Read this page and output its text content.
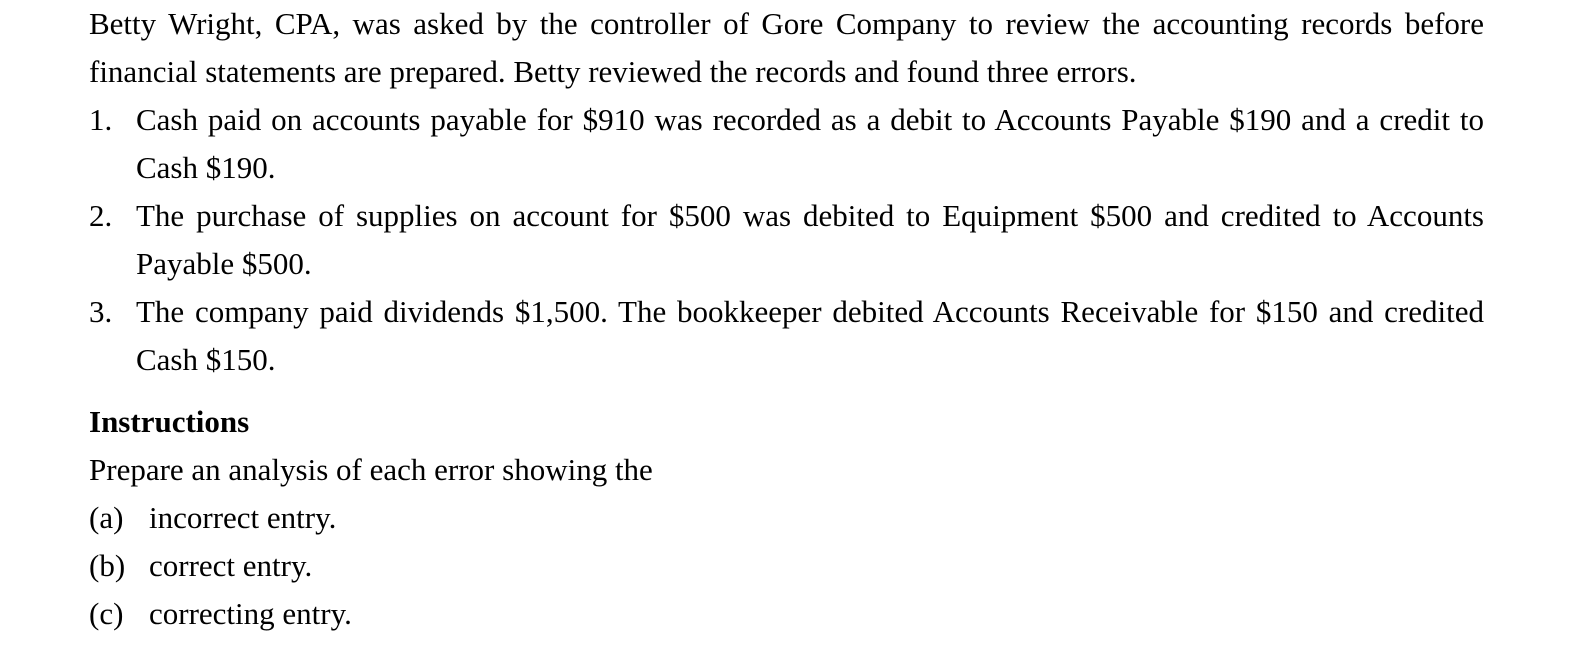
Betty Wright, CPA, was asked by the controller of Gore Company to review the accounting records before financial statements are prepared. Betty reviewed the records and found three errors.

1. Cash paid on accounts payable for $910 was recorded as a debit to Accounts Payable $190 and a credit to Cash $190.
2. The purchase of supplies on account for $500 was debited to Equipment $500 and credited to Accounts Payable $500.
3. The company paid dividends $1,500. The bookkeeper debited Accounts Receivable for $150 and credited Cash $150.
Instructions

Prepare an analysis of each error showing the

(a) incorrect entry.
(b) correct entry.
(c) correcting entry.
